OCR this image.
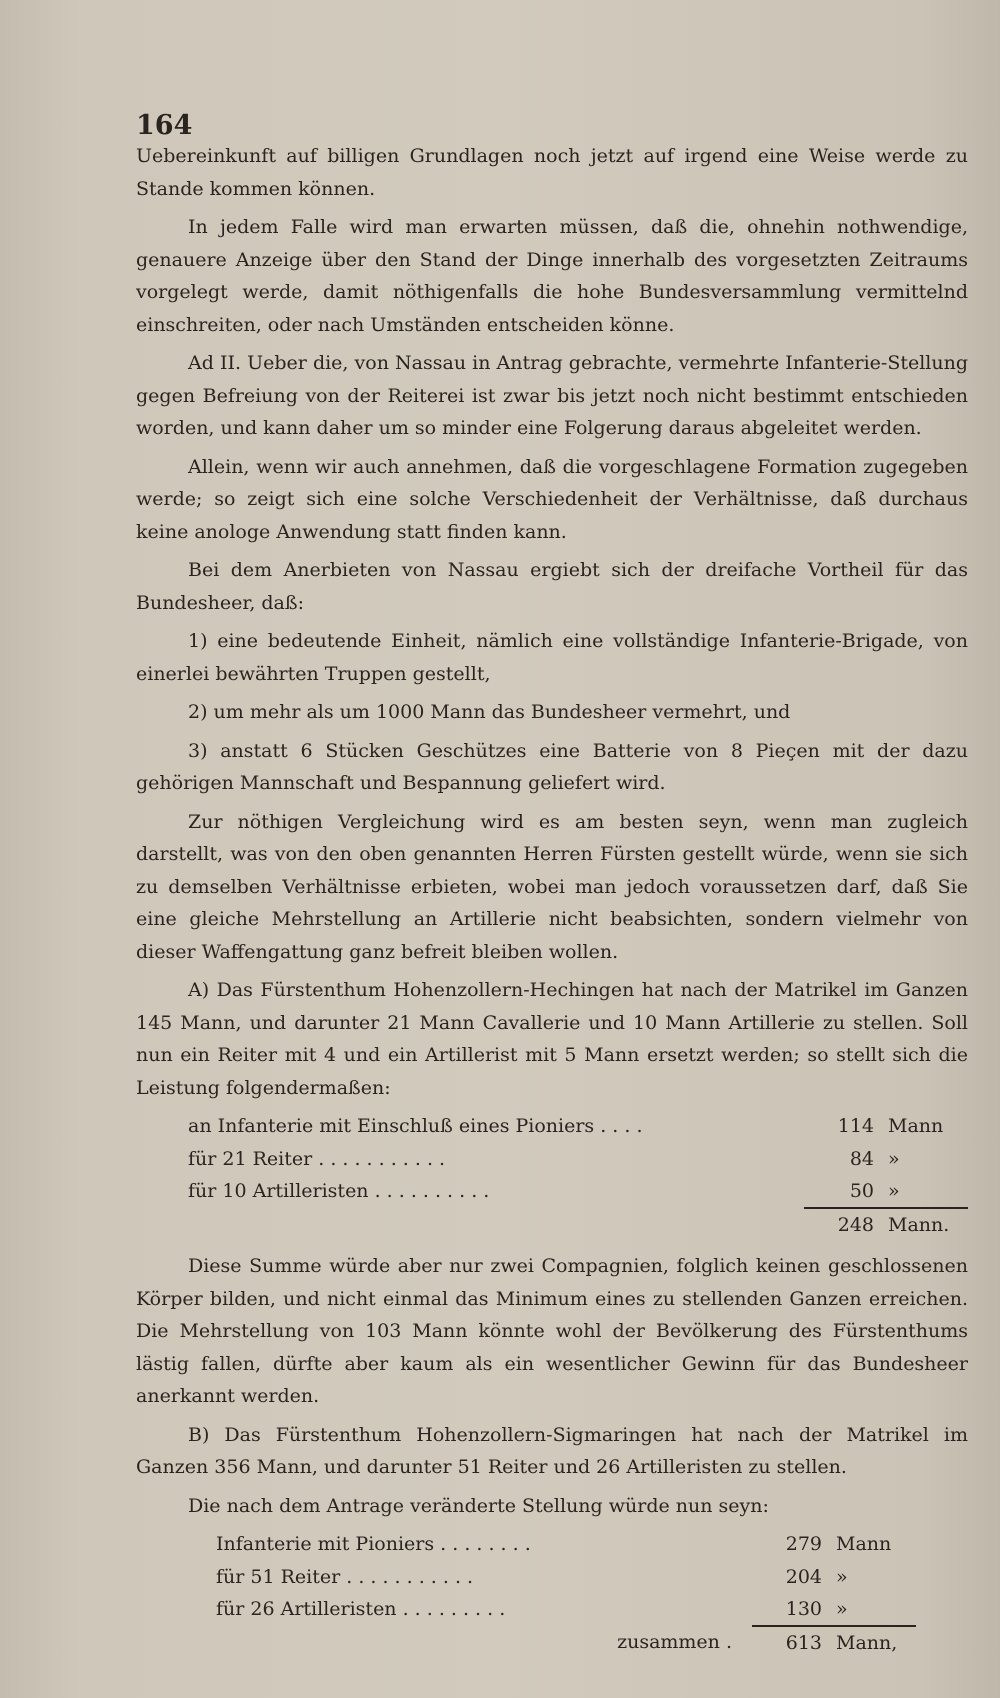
164

Uebereinkunft auf billigen Grundlagen noch jetzt auf irgend eine Weise werde zu Stande kommen können.

In jedem Falle wird man erwarten müssen, daß die, ohnehin nothwendige, genauere Anzeige über den Stand der Dinge innerhalb des vorgesetzten Zeitraums vorgelegt werde, damit nöthigenfalls die hohe Bundesversammlung vermittelnd einschreiten, oder nach Umständen entscheiden könne.

Ad II. Ueber die, von Nassau in Antrag gebrachte, vermehrte Infanterie-Stellung gegen Befreiung von der Reiterei ist zwar bis jetzt noch nicht bestimmt entschieden worden, und kann daher um so minder eine Folgerung daraus abgeleitet werden.

Allein, wenn wir auch annehmen, daß die vorgeschlagene Formation zugegeben werde; so zeigt sich eine solche Verschiedenheit der Verhältnisse, daß durchaus keine anologe Anwendung statt finden kann.

Bei dem Anerbieten von Nassau ergiebt sich der dreifache Vortheil für das Bundesheer, daß:

1) eine bedeutende Einheit, nämlich eine vollständige Infanterie-Brigade, von einerlei bewährten Truppen gestellt,

2) um mehr als um 1000 Mann das Bundesheer vermehrt, und

3) anstatt 6 Stücken Geschützes eine Batterie von 8 Pieçen mit der dazu gehörigen Mannschaft und Bespannung geliefert wird.

Zur nöthigen Vergleichung wird es am besten seyn, wenn man zugleich darstellt, was von den oben genannten Herren Fürsten gestellt würde, wenn sie sich zu demselben Verhältnisse erbieten, wobei man jedoch voraussetzen darf, daß Sie eine gleiche Mehrstellung an Artillerie nicht beabsichten, sondern vielmehr von dieser Waffengattung ganz befreit bleiben wollen.

A) Das Fürstenthum Hohenzollern-Hechingen hat nach der Matrikel im Ganzen 145 Mann, und darunter 21 Mann Cavallerie und 10 Mann Artillerie zu stellen. Soll nun ein Reiter mit 4 und ein Artillerist mit 5 Mann ersetzt werden; so stellt sich die Leistung folgendermaßen:

an Infanterie mit Einschluß eines Pioniers . . . .	114 Mann
für 21 Reiter . . . . . . . . . . .	84 »
für 10 Artilleristen . . . . . . . . . .	50 »
248 Mann.

Diese Summe würde aber nur zwei Compagnien, folglich keinen geschlossenen Körper bilden, und nicht einmal das Minimum eines zu stellenden Ganzen erreichen. Die Mehrstellung von 103 Mann könnte wohl der Bevölkerung des Fürstenthums lästig fallen, dürfte aber kaum als ein wesentlicher Gewinn für das Bundesheer anerkannt werden.

B) Das Fürstenthum Hohenzollern-Sigmaringen hat nach der Matrikel im Ganzen 356 Mann, und darunter 51 Reiter und 26 Artilleristen zu stellen.

Die nach dem Antrage veränderte Stellung würde nun seyn:

Infanterie mit Pioniers . . . . . . . .	279 Mann
für 51 Reiter . . . . . . . . . . .	204 »
für 26 Artilleristen . . . . . . . . .	130 »
zusammen .	613 Mann,
